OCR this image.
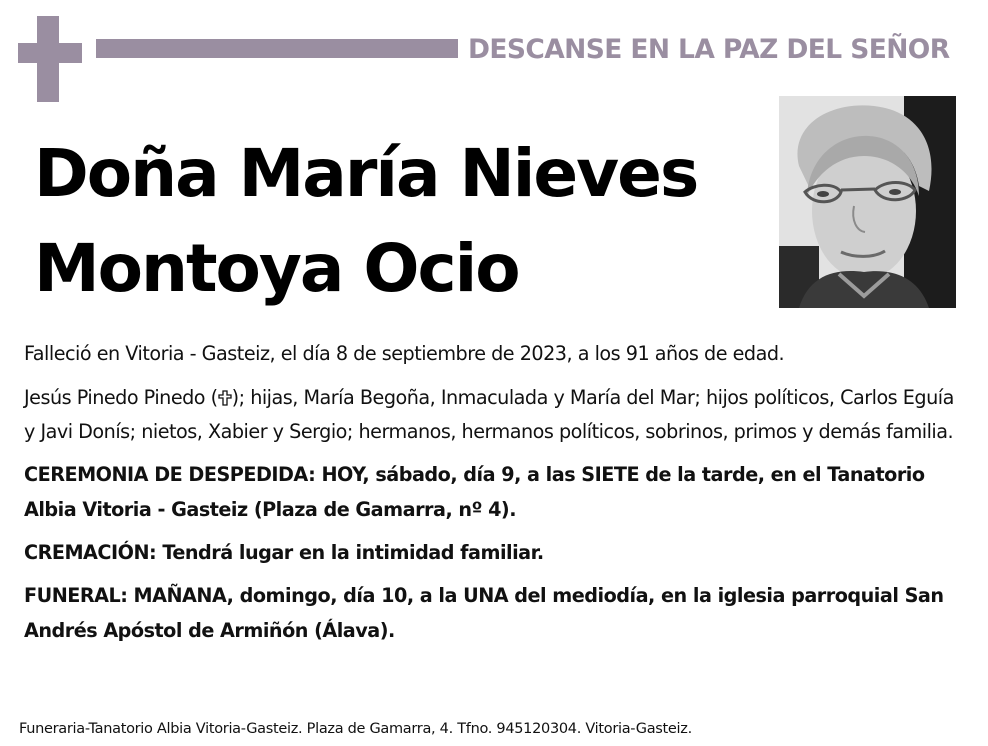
DESCANSE EN LA PAZ DEL SEÑOR
Doña María Nieves
Montoya Ocio

Falleció en Vitoria - Gasteiz, el día 8 de septiembre de 2023, a los 91 años de edad.

Jesús Pinedo Pinedo ( ); hijas, María Begoña, Inmaculada y María del Mar; hijos políticos, Carlos Eguía y Javi Donís; nietos, Xabier y Sergio; hermanos, hermanos políticos, sobrinos, primos y demás familia.

CEREMONIA DE DESPEDIDA: HOY, sábado, día 9, a las SIETE de la tarde, en el Tanatorio Albia Vitoria - Gasteiz (Plaza de Gamarra, nº 4).

CREMACIÓN: Tendrá lugar en la intimidad familiar.

FUNERAL: MAÑANA, domingo, día 10, a la UNA del mediodía, en la iglesia parroquial San Andrés Apóstol de Armiñón (Álava).

Funeraria-Tanatorio Albia Vitoria-Gasteiz. Plaza de Gamarra, 4. Tfno. 945120304. Vitoria-Gasteiz.
